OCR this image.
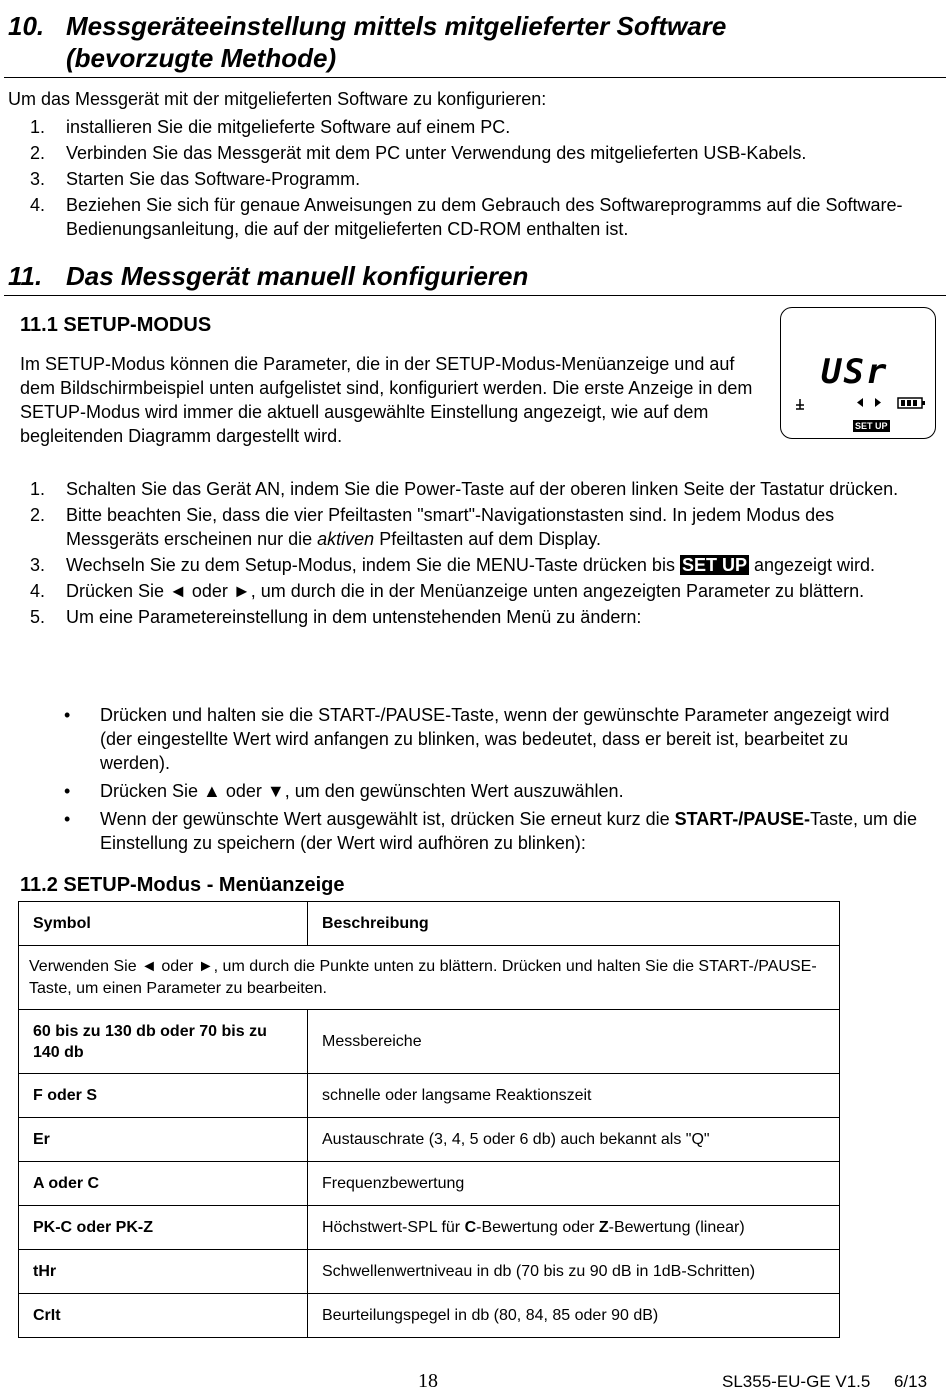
10. Messgeräteeinstellung mittels mitgelieferter Software
(bevorzugte Methode)

Um das Messgerät mit der mitgelieferten Software zu konfigurieren:

1. installieren Sie die mitgelieferte Software auf einem PC.
2. Verbinden Sie das Messgerät mit dem PC unter Verwendung des mitgelieferten USB-Kabels.
3. Starten Sie das Software-Programm.
4. Beziehen Sie sich für genaue Anweisungen zu dem Gebrauch des Softwareprogramms auf die Software-Bedienungsanleitung, die auf der mitgelieferten CD-ROM enthalten ist.
11. Das Messgerät manuell konfigurieren
11.1 SETUP-MODUS

Im SETUP-Modus können die Parameter, die in der SETUP-Modus-Menüanzeige und auf dem Bildschirmbeispiel unten aufgelistet sind, konfiguriert werden. Die erste Anzeige in dem SETUP-Modus wird immer die aktuell ausgewählte Einstellung angezeigt, wie auf dem begleitenden Diagramm dargestellt wird.

USr
SET UP
1. Schalten Sie das Gerät AN, indem Sie die Power-Taste auf der oberen linken Seite der Tastatur drücken.
2. Bitte beachten Sie, dass die vier Pfeiltasten "smart"-Navigationstasten sind. In jedem Modus des Messgeräts erscheinen nur die aktiven Pfeiltasten auf dem Display.
3. Wechseln Sie zu dem Setup-Modus, indem Sie die MENU-Taste drücken bis SET UP angezeigt wird.
4. Drücken Sie ◄ oder ►, um durch die in der Menüanzeige unten angezeigten Parameter zu blättern.
5. Um eine Parametereinstellung in dem untenstehenden Menü zu ändern:
• Drücken und halten sie die START-/PAUSE-Taste, wenn der gewünschte Parameter angezeigt wird (der eingestellte Wert wird anfangen zu blinken, was bedeutet, dass er bereit ist, bearbeitet zu werden).
• Drücken Sie ▲ oder ▼, um den gewünschten Wert auszuwählen.
• Wenn der gewünschte Wert ausgewählt ist, drücken Sie erneut kurz die START-/PAUSE-Taste, um die Einstellung zu speichern (der Wert wird aufhören zu blinken):
11.2 SETUP-Modus - Menüanzeige
Symbol	Beschreibung
Verwenden Sie ◄ oder ►, um durch die Punkte unten zu blättern. Drücken und halten Sie die START-/PAUSE-Taste, um einen Parameter zu bearbeiten.	
60 bis zu 130 db oder 70 bis zu 140 db	Messbereiche
F oder S	schnelle oder langsame Reaktionszeit
Er	Austauschrate (3, 4, 5 oder 6 db) auch bekannt als "Q"
A oder C	Frequenzbewertung
PK-C oder PK-Z	Höchstwert-SPL für C-Bewertung oder Z-Bewertung (linear)
tHr	Schwellenwertniveau in db (70 bis zu 90 dB in 1dB-Schritten)
CrIt	Beurteilungspegel in db (80, 84, 85 oder 90 dB)
18	SL355-EU-GE V1.5     6/13
